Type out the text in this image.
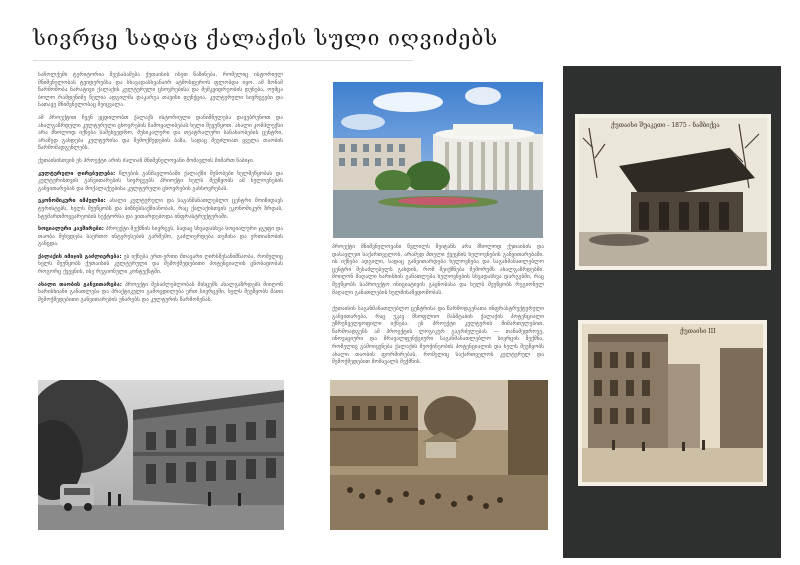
სივრცე სადაც ქალაქის სული იღვიძებს

საჩოლქემი ტერიტორია შეესაბამება ქუთაისის ისეთ წაზინება, რომელიც ისტორიულ მნიშვნელობას ტვიდერებსა და სხავადასხვანაირ ატმოსფეროს ფლობდა იყო. ამ ზონამ წარმოშობა ნარატივი ქალაქის კულტურული ცხოვრებისა და მემკვიდრეობის დუნება, ოუმცა ბოლო რამდენიმე წელია ადგილმა დაკარგა თავისი ფუნქცია, კულტურული სივრცეები და სათავე მნიშვნელობაც შეიცვალა.

ამ პროექტით ჩვენ ვცდილობთ ქალაქს ისტორიული დანიშნულება დავუბრუნოთ და ახალგაზრდული კულტურული ცხოვრების ჩამოყალიბებას ხელი შევუწყოთ. ახალი კომპლექსი არა მხოლოდ იქნება საშეხვედრო, მუსიკალური და თეატრალური სანახაობების ცენტრი, არამედ გახდება კულტურისა და შემოქმედების ბაზა, სადაც შეუძლიათ ყველა თაობის წარმომადგენლებს.

ქუთაისისთვის ეს პროექტი არის ძალიან მნიშვნელოვანი მომავლის მიმართ ნაბიჯი.

კულტურული ღირებულება: წლების განმავლობაში ქალაქში შენობები ხელშეწყობას და კულტურისთვის განვითარების სივრცეებს პრიოქტი ხელს შეუწყობს ამ ხელოვნების განვითარებას და მოქალაქეებისა კულტურული ცხოვრების გახსოვრებას.

ეკონომიკური იმპულსი: ახალი კულტურული და საგანმანათლებლო ცენტრი მოიზიდავს ტურისტებს, ხელს შეუწყობს და ბიზნესსაქმიანობას, რაც ქალაქისთვის ეკონომიკურ ზრდას, სტუმართმოყვარეობის სექტორსა და ვითარდებოდა ინფრასტრუქტურაში.

სოციალური კავშირები: პროექტი შექმნის სივრცეს, სადაც სხვადასხვა სოციალური ჯგუფი და თაობა შეხვდება საერთო ინტერესების გარშემო, გაძლიერდება თემისა და ერთიანობის განცდა.

ქალაქის იმიჯის გაძლიერება: ეს იქნება ერთ-ერთი მთავარი ღირსშესანიშნაობა, რომელიც ხელს შეუწყობს ქუთაისის კულტურული და შემოქმედებითი პოტენციალის ცნობადობას როგორც ქვეყნის, ისე რეგიონული კონტექსტში.

ახალი თაობის განვითარება: პროექტი შესაძლებლობას მისცემს ახალგაზრდებს მიიღონ ხარისხიანი განათლება და პრაქტიკული გამოცდილება ერთ სივრცეში, ხელს შეუწყობს მათი შემოქმედებითი განვითარების უნარებს და კულტურის წარმოჩენას.

პროექტი მნიშვნელოვანი წვლილს შეიტანს არა მხოლოდ ქუთაისის და დასავლეთ საქართველოს, არამედ მთელი ქვეყნის ხელოვნების განვითარებაში. ის იქნება ადგილი, სადაც განვითარდება ხელოვნება და საგანმანათლებლო ცენტრი შესაძლებელს გახდის, რომ შეიქმნება მემორუმს ახალგაზრდებში. მოიღონ მაღალი ხარისხის განათლება ხელოვნების სხვადასხვა დარგებში, რაც შეუწყობს საპროექტო ინიციატივის გაცნობასა და ხელს შეუწყობს რეგიონულ მაღალი განათლების ხელმისაწვდომობას.

ქუთაისის საგანმანათლებლო ცენტრისა და წარმოდგენათა ინფრასტრუქტურული განვითარება, რაც უკავ მსოფლიო მასშტაბის ქალაქის პოტენციალი უზრუნველყოფილი იქნება. ეს პროექტი კულტურის მიმართულებით, წარმოადგენს ამ პროექტის ლოგიკურ გაგრძელებას — თანამედროვე, ინოვაციური და მრავალფუნქციური საგანმანათლებლო სივრცის შექმნა, რომელიც გამოიყენება ქალაქის მეოჭინეობის პოტენციალის და ხელს შეუწყობს ახალი თაობის ფორმირებას, რომელიც საქართველოს კულტურულ და შემოქმედებით მომავალს შექმნის.

ქუთაისი შუაკეთი - 1875 - ნამბიქვა
ქუთაისი III
